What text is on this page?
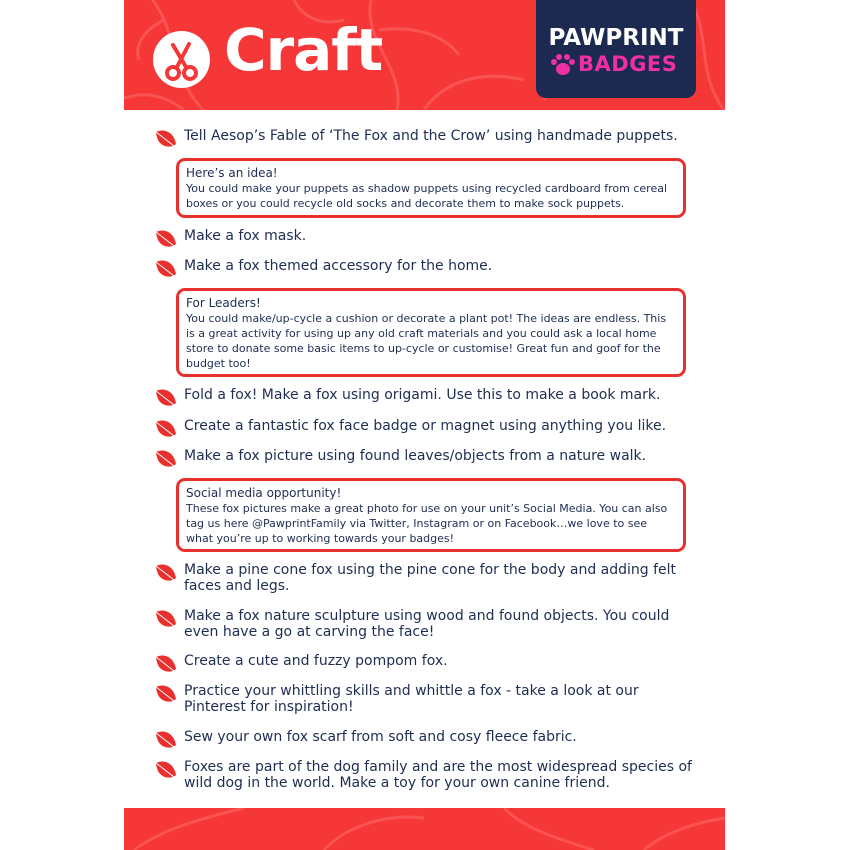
Craft	PAWPRINT
BADGES
Tell Aesop’s Fable of ‘The Fox and the Crow’ using handmade puppets.
Here’s an idea!
You could make your puppets as shadow puppets using recycled cardboard from cereal boxes or you could recycle old socks and decorate them to make sock puppets.
Make a fox mask.
Make a fox themed accessory for the home.
For Leaders!
You could make/up-cycle a cushion or decorate a plant pot! The ideas are endless. This is a great activity for using up any old craft materials and you could ask a local home store to donate some basic items to up-cycle or customise! Great fun and goof for the budget too!
Fold a fox! Make a fox using origami. Use this to make a book mark.
Create a fantastic fox face badge or magnet using anything you like.
Make a fox picture using found leaves/objects from a nature walk.
Social media opportunity!
These fox pictures make a great photo for use on your unit’s Social Media. You can also tag us here @PawprintFamily via Twitter, Instagram or on Facebook…we love to see what you’re up to working towards your badges!
Make a pine cone fox using the pine cone for the body and adding felt faces and legs.
Make a fox nature sculpture using wood and found objects. You could even have a go at carving the face!
Create a cute and fuzzy pompom fox.
Practice your whittling skills and whittle a fox - take a look at our Pinterest for inspiration!
Sew your own fox scarf from soft and cosy fleece fabric.
Foxes are part of the dog family and are the most widespread species of wild dog in the world. Make a toy for your own canine friend.
